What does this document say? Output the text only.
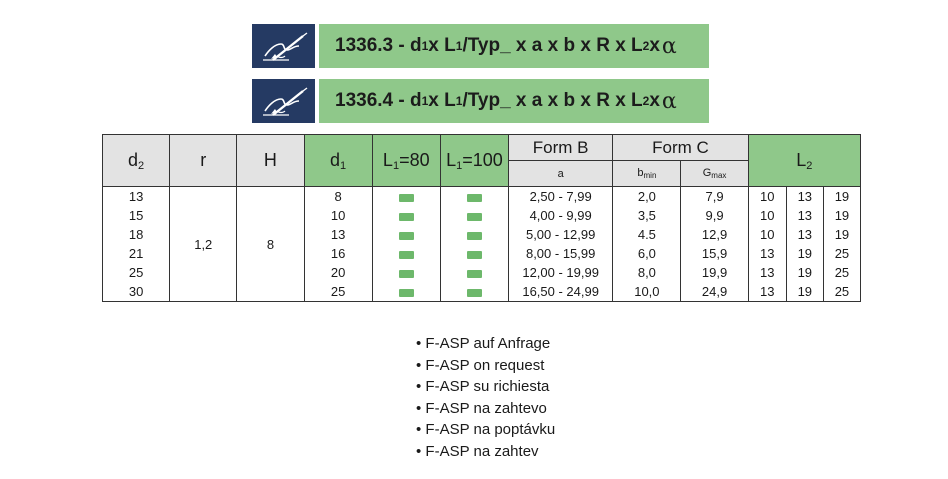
1336.3 - d 1 x L 1 /Typ_ x a x b x R x L 2 x α
1336.4 - d 1 x L 1 /Typ_ x a x b x R x L 2 x α
$d_2$	r	H	$d_1$	$L_1=80$	$L_1=100$	Form B	Form C		$L_2$
						a	$b_{min}$	$G_{max}$
13	1,2	8	8			2,50 - 7,99	2,0	7,9	10	13	19
15			10			4,00 - 9,99	3,5	9,9	10	13	19
18			13			5,00 - 12,99	4.5	12,9	10	13	19
21			16			8,00 - 15,99	6,0	15,9	13	19	25
25			20			12,00 - 19,99	8,0	19,9	13	19	25
30			25			16,50 - 24,99	10,0	24,9	13	19	25
• F-ASP auf Anfrage
• F-ASP on request
• F-ASP su richiesta
• F-ASP na zahtevo
• F-ASP na poptávku
• F-ASP na zahtev
